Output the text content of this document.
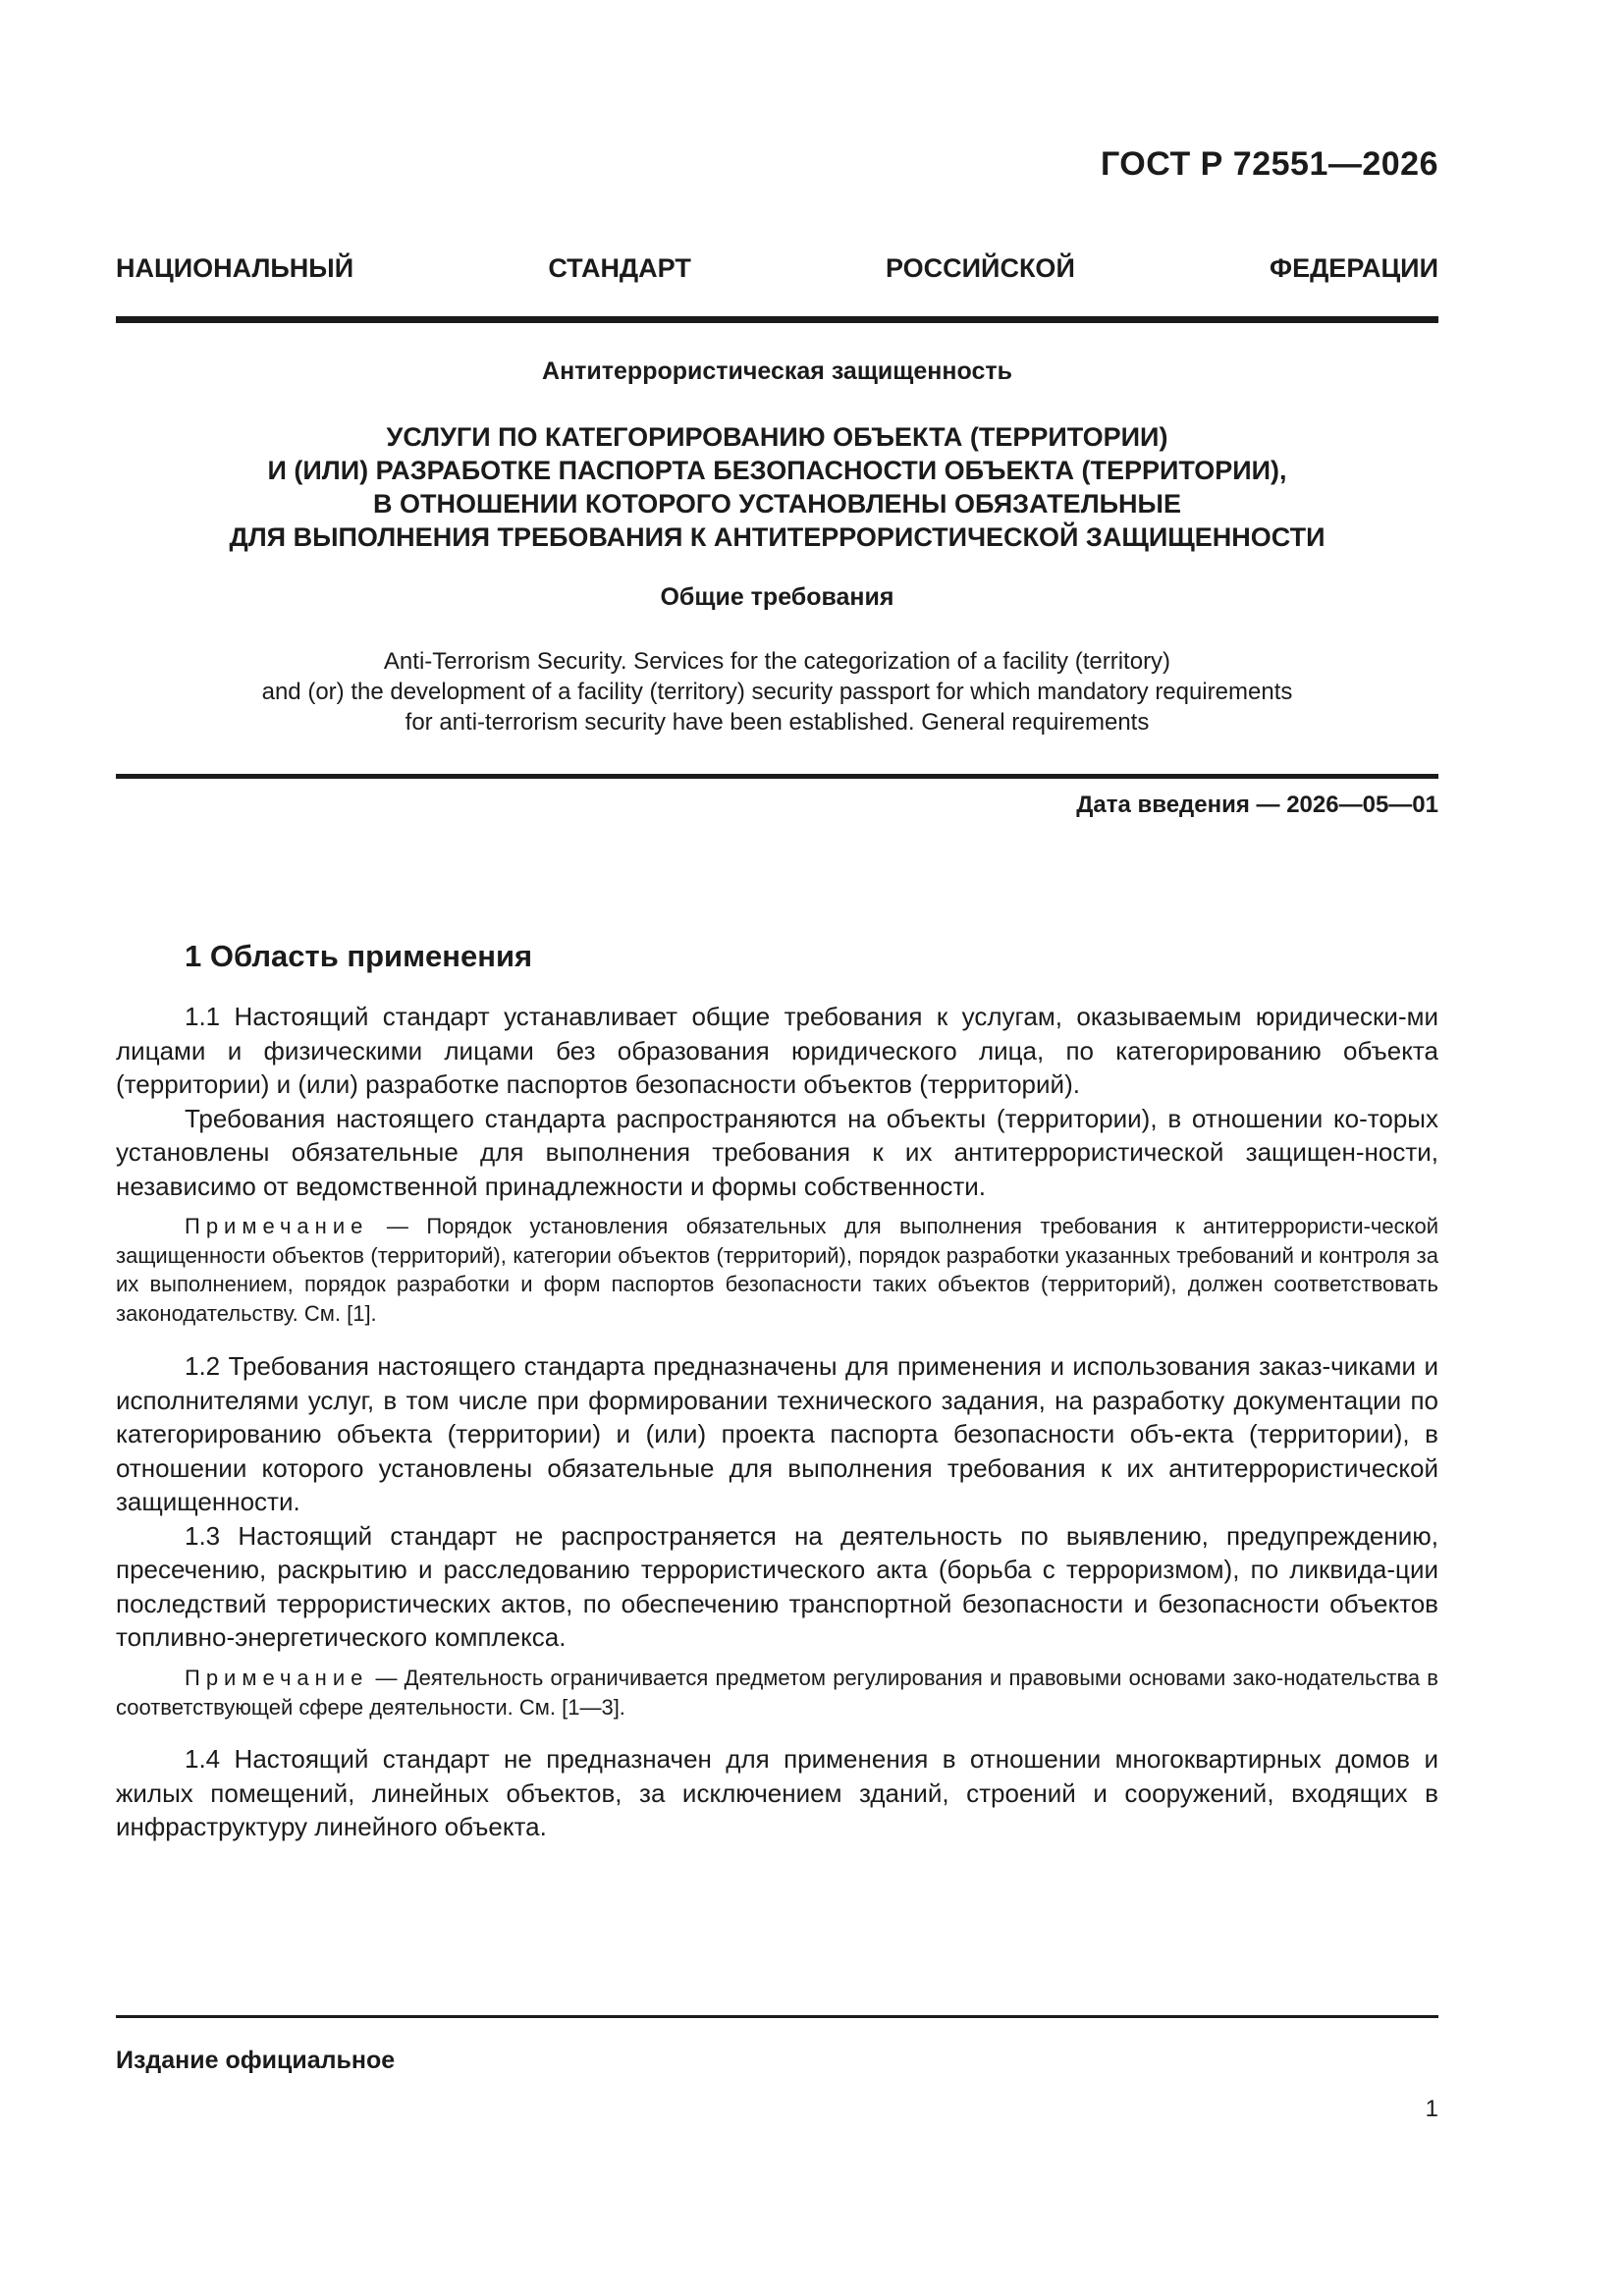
ГОСТ Р 72551—2026
НАЦИОНАЛЬНЫЙ СТАНДАРТ РОССИЙСКОЙ ФЕДЕРАЦИИ
Антитеррористическая защищенность
УСЛУГИ ПО КАТЕГОРИРОВАНИЮ ОБЪЕКТА (ТЕРРИТОРИИ)
И (ИЛИ) РАЗРАБОТКЕ ПАСПОРТА БЕЗОПАСНОСТИ ОБЪЕКТА (ТЕРРИТОРИИ),
В ОТНОШЕНИИ КОТОРОГО УСТАНОВЛЕНЫ ОБЯЗАТЕЛЬНЫЕ
ДЛЯ ВЫПОЛНЕНИЯ ТРЕБОВАНИЯ К АНТИТЕРРОРИСТИЧЕСКОЙ ЗАЩИЩЕННОСТИ
Общие требования
Anti-Terrorism Security. Services for the categorization of a facility (territory)
and (or) the development of a facility (territory) security passport for which mandatory requirements
for anti-terrorism security have been established. General requirements
Дата введения — 2026—05—01
1 Область применения

1.1 Настоящий стандарт устанавливает общие требования к услугам, оказываемым юридически-ми лицами и физическими лицами без образования юридического лица, по категорированию объекта (территории) и (или) разработке паспортов безопасности объектов (территорий).

Требования настоящего стандарта распространяются на объекты (территории), в отношении ко-торых установлены обязательные для выполнения требования к их антитеррористической защищен-ности, независимо от ведомственной принадлежности и формы собственности.

Примечание — Порядок установления обязательных для выполнения требования к антитеррористи-ческой защищенности объектов (территорий), категории объектов (территорий), порядок разработки указанных требований и контроля за их выполнением, порядок разработки и форм паспортов безопасности таких объектов (территорий), должен соответствовать законодательству. См. [1].

1.2 Требования настоящего стандарта предназначены для применения и использования заказ-чиками и исполнителями услуг, в том числе при формировании технического задания, на разработку документации по категорированию объекта (территории) и (или) проекта паспорта безопасности объ-екта (территории), в отношении которого установлены обязательные для выполнения требования к их антитеррористической защищенности.

1.3 Настоящий стандарт не распространяется на деятельность по выявлению, предупреждению, пресечению, раскрытию и расследованию террористического акта (борьба с терроризмом), по ликвида-ции последствий террористических актов, по обеспечению транспортной безопасности и безопасности объектов топливно-энергетического комплекса.

Примечание — Деятельность ограничивается предметом регулирования и правовыми основами зако-нодательства в соответствующей сфере деятельности. См. [1—3].

1.4 Настоящий стандарт не предназначен для применения в отношении многоквартирных домов и жилых помещений, линейных объектов, за исключением зданий, строений и сооружений, входящих в инфраструктуру линейного объекта.

Издание официальное
1
